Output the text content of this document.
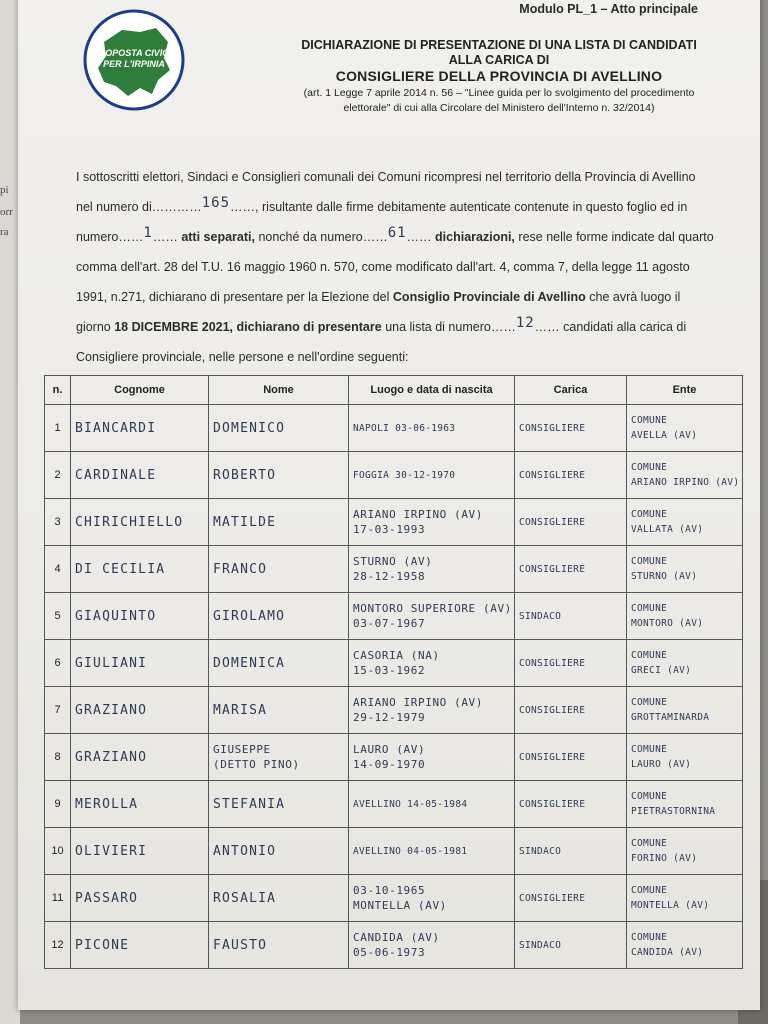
pi
orr
ra
Modulo PL_1 – Atto principale
PROPOSTA CIVICA
PER L'IRPINIA
DICHIARAZIONE DI PRESENTAZIONE DI UNA LISTA DI CANDIDATI
ALLA CARICA DI
CONSIGLIERE DELLA PROVINCIA DI AVELLINO
(art. 1 Legge 7 aprile 2014 n. 56 – "Linee guida per lo svolgimento del procedimento
elettorale" di cui alla Circolare del Ministero dell'Interno n. 32/2014)
I sottoscritti elettori, Sindaci e Consiglieri comunali dei Comuni ricompresi nel territorio della Provincia di Avellino
nel numero di…………165……, risultante dalle firme debitamente autenticate contenute in questo foglio ed in
numero……1…… atti separati, nonché da numero……61…… dichiarazioni, rese nelle forme indicate dal quarto
comma dell'art. 28 del T.U. 16 maggio 1960 n. 570, come modificato dall'art. 4, comma 7, della legge 11 agosto
1991, n.271, dichiarano di presentare per la Elezione del Consiglio Provinciale di Avellino che avrà luogo il
giorno 18 DICEMBRE 2021, dichiarano di presentare una lista di numero……12…… candidati alla carica di
Consigliere provinciale, nelle persone e nell'ordine seguenti:
n.	Cognome	Nome	Luogo e data di nascita	Carica	Ente
1	BIANCARDI	DOMENICO	NAPOLI 03-06-1963	CONSIGLIERE	COMUNE
AVELLA (AV)

2	CARDINALE	ROBERTO	FOGGIA 30-12-1970	CONSIGLIERE	COMUNE
ARIANO IRPINO (AV)

3	CHIRICHIELLO	MATILDE	ARIANO IRPINO (AV)
17-03-1993	CONSIGLIERE	COMUNE
VALLATA (AV)

4	DI CECILIA	FRANCO	STURNO (AV)
28-12-1958	CONSIGLIERE	COMUNE
STURNO (AV)

5	GIAQUINTO	GIROLAMO	MONTORO SUPERIORE (AV)
03-07-1967	SINDACO	COMUNE
MONTORO (AV)

6	GIULIANI	DOMENICA	CASORIA (NA)
15-03-1962	CONSIGLIERE	COMUNE
GRECI (AV)

7	GRAZIANO	MARISA	ARIANO IRPINO (AV)
29-12-1979	CONSIGLIERE	COMUNE
GROTTAMINARDA

8	GRAZIANO	GIUSEPPE
(DETTO PINO)	LAURO (AV)
14-09-1970	CONSIGLIERE	COMUNE
LAURO (AV)

9	MEROLLA	STEFANIA	AVELLINO 14-05-1984	CONSIGLIERE	COMUNE
PIETRASTORNINA

10	OLIVIERI	ANTONIO	AVELLINO 04-05-1981	SINDACO	COMUNE
FORINO (AV)

11	PASSARO	ROSALIA	03-10-1965
MONTELLA (AV)	CONSIGLIERE	COMUNE
MONTELLA (AV)

12	PICONE	FAUSTO	CANDIDA (AV)
05-06-1973	SINDACO	COMUNE
CANDIDA (AV)
